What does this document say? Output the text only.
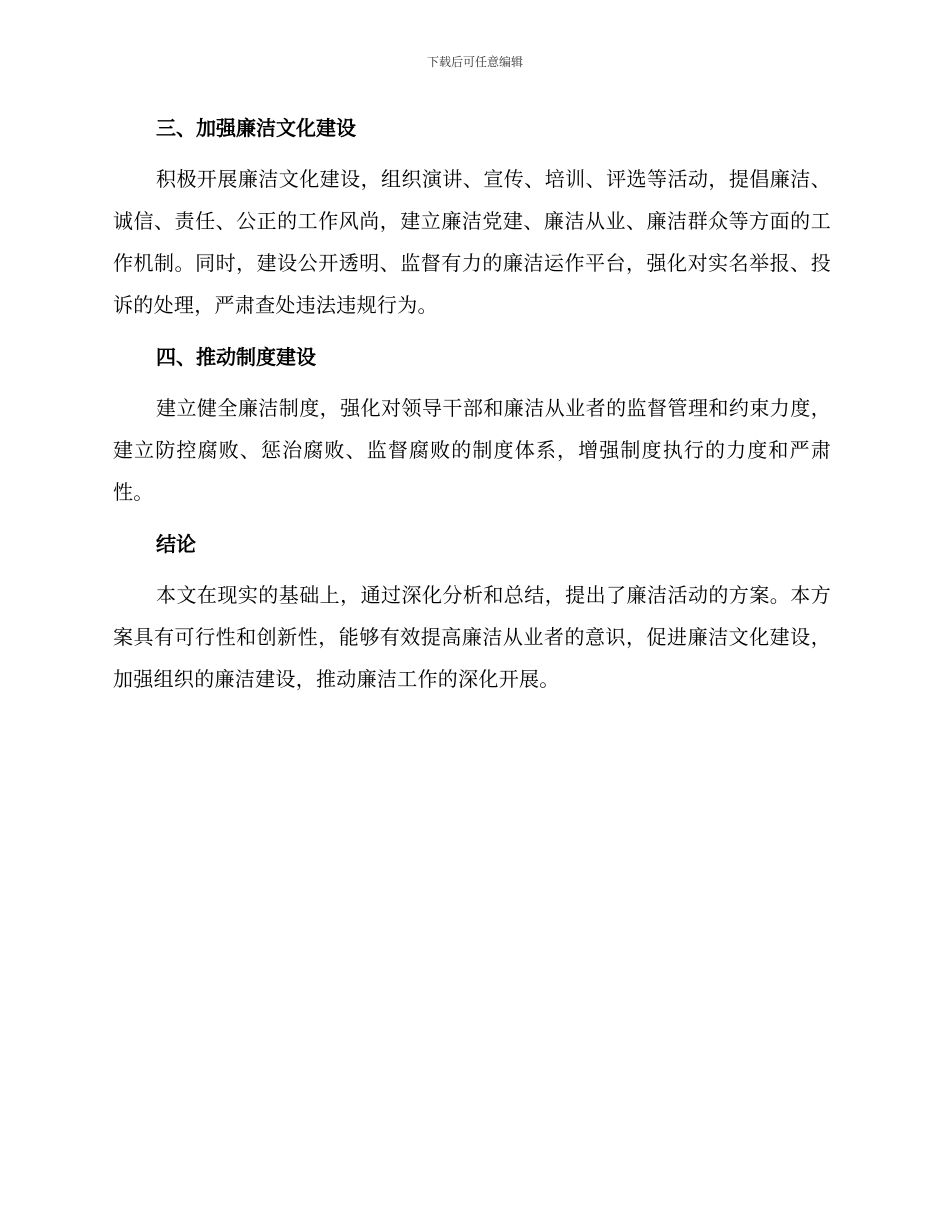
下载后可任意编辑
三、加强廉洁文化建设

积极开展廉洁文化建设，组织演讲、宣传、培训、评选等活动，提倡廉洁、诚信、责任、公正的工作风尚，建立廉洁党建、廉洁从业、廉洁群众等方面的工作机制。同时，建设公开透明、监督有力的廉洁运作平台，强化对实名举报、投诉的处理，严肃查处违法违规行为。

四、推动制度建设

建立健全廉洁制度，强化对领导干部和廉洁从业者的监督管理和约束力度，建立防控腐败、惩治腐败、监督腐败的制度体系，增强制度执行的力度和严肃性。

结论

本文在现实的基础上，通过深化分析和总结，提出了廉洁活动的方案。本方案具有可行性和创新性，能够有效提高廉洁从业者的意识，促进廉洁文化建设，加强组织的廉洁建设，推动廉洁工作的深化开展。
